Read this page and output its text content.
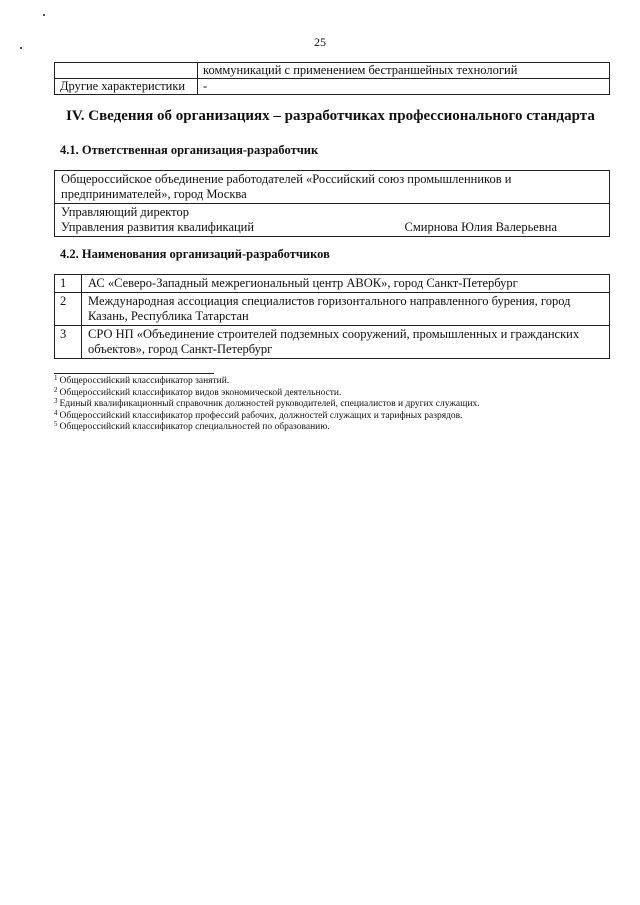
25
	коммуникаций с применением бестраншейных технологий
Другие характеристики	-
IV. Сведения об организациях – разработчиках профессионального стандарта
4.1. Ответственная организация-разработчик
Общероссийское объединение работодателей «Российский союз промышленников и предпринимателей», город Москва

Управляющий директор
Управления развития квалификаций	Смирнова Юлия Валерьевна
4.2. Наименования организаций-разработчиков
1	АС «Северо-Западный межрегиональный центр АВОК», город Санкт-Петербург
2	Международная ассоциация специалистов горизонтального направленного бурения, город Казань, Республика Татарстан
3	СРО НП «Объединение строителей подземных сооружений, промышленных и гражданских объектов», город Санкт-Петербург
$^1$ Общероссийский классификатор занятий.
$^2$ Общероссийский классификатор видов экономической деятельности.
$^3$ Единый квалификационный справочник должностей руководителей, специалистов и других служащих.
$^4$ Общероссийский классификатор профессий рабочих, должностей служащих и тарифных разрядов.
$^5$ Общероссийский классификатор специальностей по образованию.
